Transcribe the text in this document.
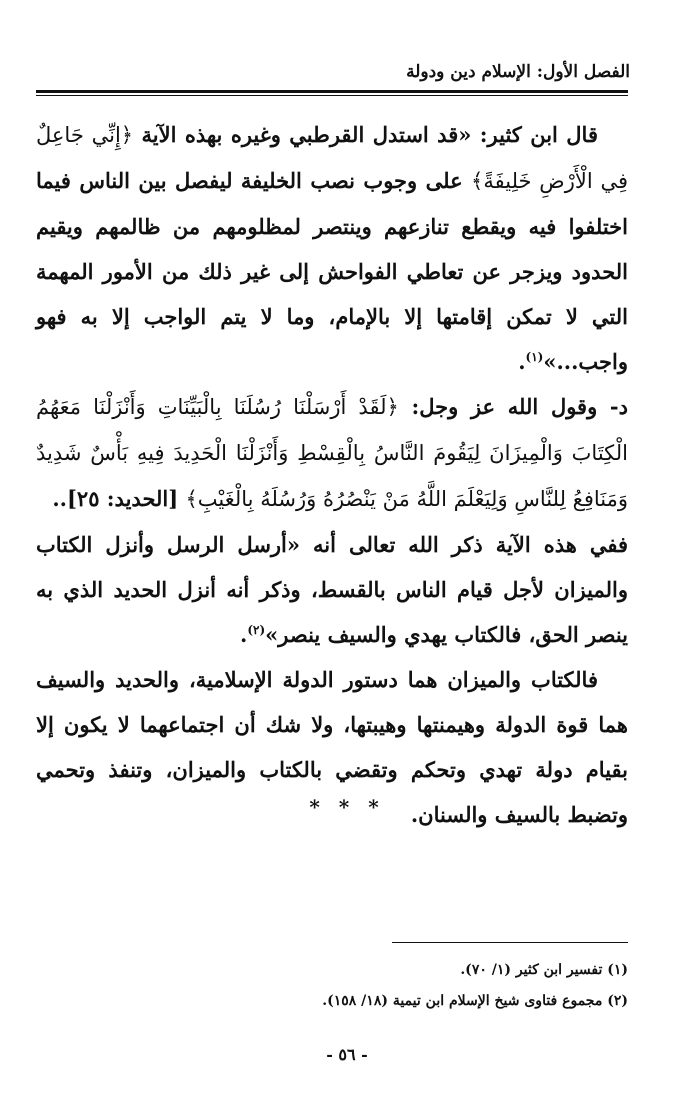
الفصل الأول: الإسلام دين ودولة

قال ابن كثير: «قد استدل القرطبي وغيره بهذه الآية ﴿إِنِّي جَاعِلٌ فِي الْأَرْضِ خَلِيفَةً﴾ على وجوب نصب الخليفة ليفصل بين الناس فيما اختلفوا فيه ويقطع تنازعهم وينتصر لمظلومهم من ظالمهم ويقيم الحدود ويزجر عن تعاطي الفواحش إلى غير ذلك من الأمور المهمة التي لا تمكن إقامتها إلا بالإمام، وما لا يتم الواجب إلا به فهو واجب...»$^{(١)}$.

د- وقول الله عز وجل: ﴿لَقَدْ أَرْسَلْنَا رُسُلَنَا بِالْبَيِّنَاتِ وَأَنْزَلْنَا مَعَهُمُ الْكِتَابَ وَالْمِيزَانَ لِيَقُومَ النَّاسُ بِالْقِسْطِ وَأَنْزَلْنَا الْحَدِيدَ فِيهِ بَأْسٌ شَدِيدٌ وَمَنَافِعُ لِلنَّاسِ وَلِيَعْلَمَ اللَّهُ مَنْ يَنْصُرُهُ وَرُسُلَهُ بِالْغَيْبِ﴾ [الحديد: ٢٥]..

ففي هذه الآية ذكر الله تعالى أنه «أرسل الرسل وأنزل الكتاب والميزان لأجل قيام الناس بالقسط، وذكر أنه أنزل الحديد الذي به ينصر الحق، فالكتاب يهدي والسيف ينصر»$^{(٢)}$.

فالكتاب والميزان هما دستور الدولة الإسلامية، والحديد والسيف هما قوة الدولة وهيمنتها وهيبتها، ولا شك أن اجتماعهما لا يكون إلا بقيام دولة تهدي وتحكم وتقضي بالكتاب والميزان، وتنفذ وتحمي وتضبط بالسيف والسنان.

* * *

(١) تفسير ابن كثير (١/ ٧٠).

(٢) مجموع فتاوى شيخ الإسلام ابن تيمية (١٨/ ١٥٨).

- ٥٦ -
